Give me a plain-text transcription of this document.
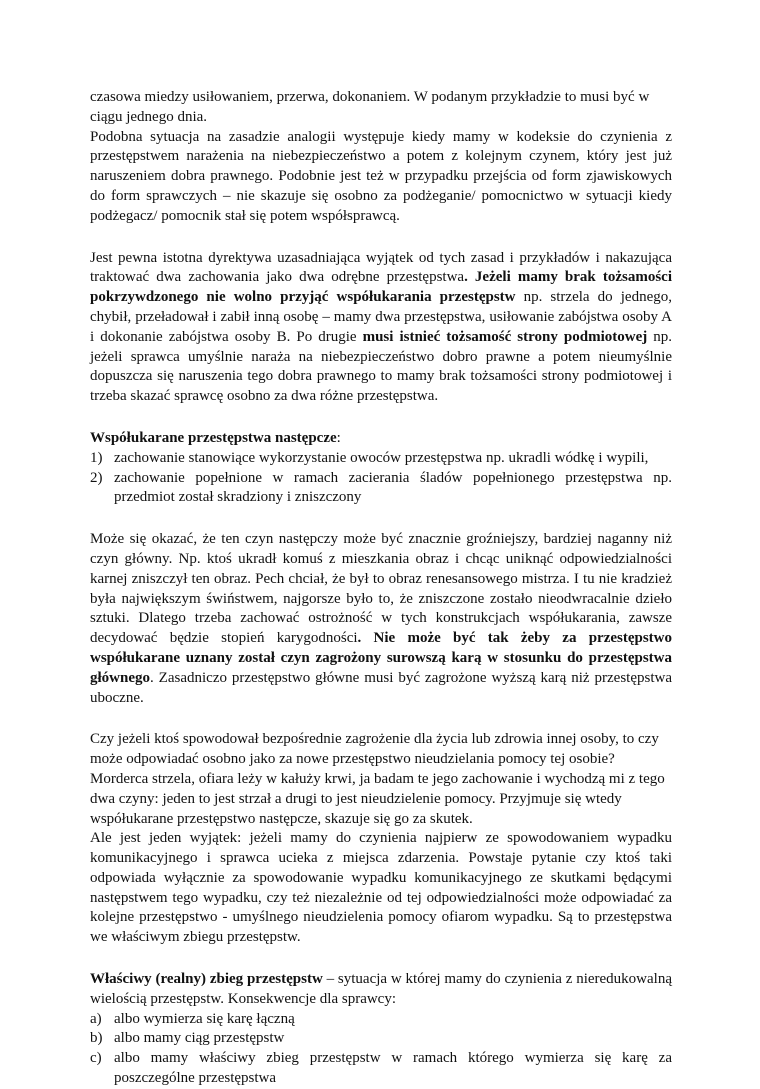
czasowa miedzy usiłowaniem, przerwa, dokonaniem. W podanym przykładzie to musi być w ciągu jednego dnia.

Podobna sytuacja na zasadzie analogii występuje kiedy mamy w kodeksie do czynienia z przestępstwem narażenia na niebezpieczeństwo a potem z kolejnym czynem, który jest już naruszeniem dobra prawnego. Podobnie jest też w przypadku przejścia od form zjawiskowych do form sprawczych – nie skazuje się osobno za podżeganie/ pomocnictwo w sytuacji kiedy podżegacz/ pomocnik stał się potem współsprawcą.

Jest pewna istotna dyrektywa uzasadniająca wyjątek od tych zasad i przykładów i nakazująca traktować dwa zachowania jako dwa odrębne przestępstwa. Jeżeli mamy brak tożsamości pokrzywdzonego nie wolno przyjąć współukarania przestępstw np. strzela do jednego, chybił, przeładował i zabił inną osobę – mamy dwa przestępstwa, usiłowanie zabójstwa osoby A i dokonanie zabójstwa osoby B. Po drugie musi istnieć tożsamość strony podmiotowej np. jeżeli sprawca umyślnie naraża na niebezpieczeństwo dobro prawne a potem nieumyślnie dopuszcza się naruszenia tego dobra prawnego to mamy brak tożsamości strony podmiotowej i trzeba skazać sprawcę osobno za dwa różne przestępstwa.

Współukarane przestępstwa następcze:

1) zachowanie stanowiące wykorzystanie owoców przestępstwa np. ukradli wódkę i wypili,
2) zachowanie popełnione w ramach zacierania śladów popełnionego przestępstwa np. przedmiot został skradziony i zniszczony

Może się okazać, że ten czyn następczy może być znacznie groźniejszy, bardziej naganny niż czyn główny. Np. ktoś ukradł komuś z mieszkania obraz i chcąc uniknąć odpowiedzialności karnej zniszczył ten obraz. Pech chciał, że był to obraz renesansowego mistrza. I tu nie kradzież była największym świństwem, najgorsze było to, że zniszczone zostało nieodwracalnie dzieło sztuki. Dlatego trzeba zachować ostrożność w tych konstrukcjach współukarania, zawsze decydować będzie stopień karygodności. Nie może być tak żeby za przestępstwo współukarane uznany został czyn zagrożony surowszą karą w stosunku do przestępstwa głównego. Zasadniczo przestępstwo główne musi być zagrożone wyższą karą niż przestępstwa uboczne.

Czy jeżeli ktoś spowodował bezpośrednie zagrożenie dla życia lub zdrowia innej osoby, to czy może odpowiadać osobno jako za nowe przestępstwo nieudzielania pomocy tej osobie? Morderca strzela, ofiara leży w kałuży krwi, ja badam te jego zachowanie i wychodzą mi z tego dwa czyny: jeden to jest strzał a drugi to jest nieudzielenie pomocy. Przyjmuje się wtedy współukarane przestępstwo następcze, skazuje się go za skutek.

Ale jest jeden wyjątek: jeżeli mamy do czynienia najpierw ze spowodowaniem wypadku komunikacyjnego i sprawca ucieka z miejsca zdarzenia. Powstaje pytanie czy ktoś taki odpowiada wyłącznie za spowodowanie wypadku komunikacyjnego ze skutkami będącymi następstwem tego wypadku, czy też niezależnie od tej odpowiedzialności może odpowiadać za kolejne przestępstwo - umyślnego nieudzielenia pomocy ofiarom wypadku. Są to przestępstwa we właściwym zbiegu przestępstw.

Właściwy (realny) zbieg przestępstw – sytuacja w której mamy do czynienia z nieredukowalną wielością przestępstw. Konsekwencje dla sprawcy:

a) albo wymierza się karę łączną
b) albo mamy ciąg przestępstw
c) albo mamy właściwy zbieg przestępstw w ramach którego wymierza się karę za poszczególne przestępstwa
